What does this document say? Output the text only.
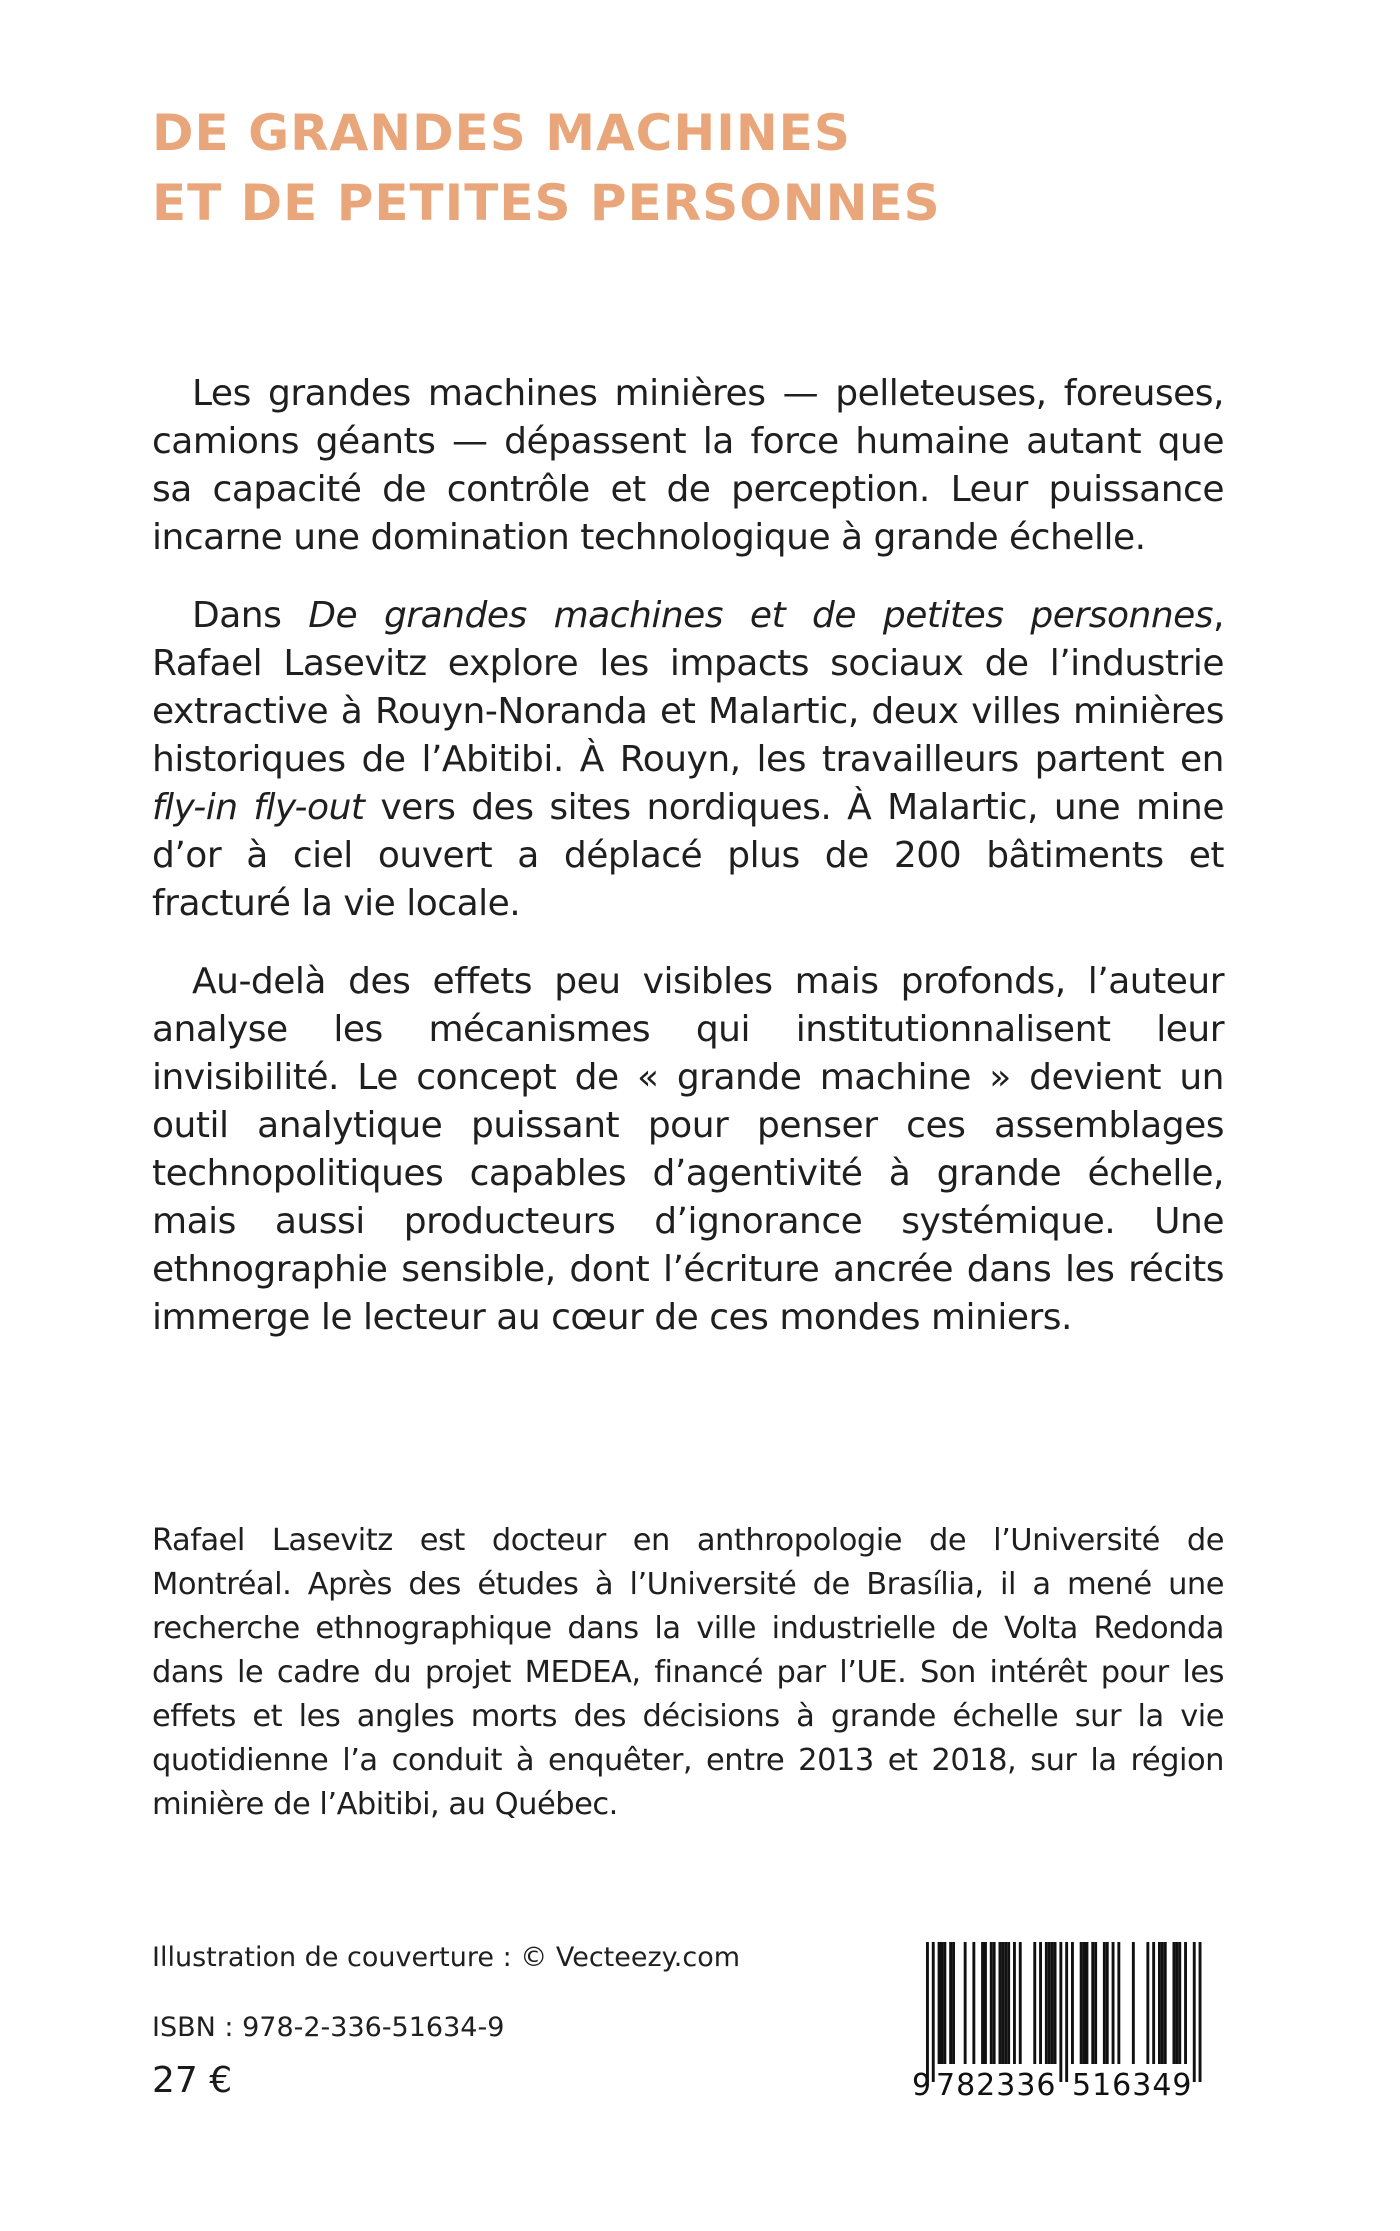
DE GRANDES MACHINES
ET DE PETITES PERSONNES

Les grandes machines minières — pelleteuses, foreuses, camions géants — dépassent la force humaine autant que sa capacité de contrôle et de perception. Leur puissance incarne une domination technologique à grande échelle.

Dans De grandes machines et de petites personnes, Rafael Lasevitz explore les impacts sociaux de l’industrie extractive à Rouyn-Noranda et Malartic, deux villes minières historiques de l’Abitibi. À Rouyn, les travailleurs partent en fly-in fly-out vers des sites nordiques. À Malartic, une mine d’or à ciel ouvert a déplacé plus de 200 bâtiments et fracturé la vie locale.

Au-delà des effets peu visibles mais profonds, l’auteur analyse les mécanismes qui institutionnalisent leur invisibilité. Le concept de « grande machine » devient un outil analytique puissant pour penser ces assemblages technopolitiques capables d’agentivité à grande échelle, mais aussi producteurs d’ignorance systémique. Une ethnographie sensible, dont l’écriture ancrée dans les récits immerge le lecteur au cœur de ces mondes miniers.

Rafael Lasevitz est docteur en anthropologie de l’Université de Montréal. Après des études à l’Université de Brasília, il a mené une recherche ethnographique dans la ville industrielle de Volta Redonda dans le cadre du projet MEDEA, financé par l’UE. Son intérêt pour les effets et les angles morts des décisions à grande échelle sur la vie quotidienne l’a conduit à enquêter, entre 2013 et 2018, sur la région minière de l’Abitibi, au Québec.

Illustration de couverture : © Vecteezy.com
ISBN : 978-2-336-51634-9
27 €	9 782336 516349
